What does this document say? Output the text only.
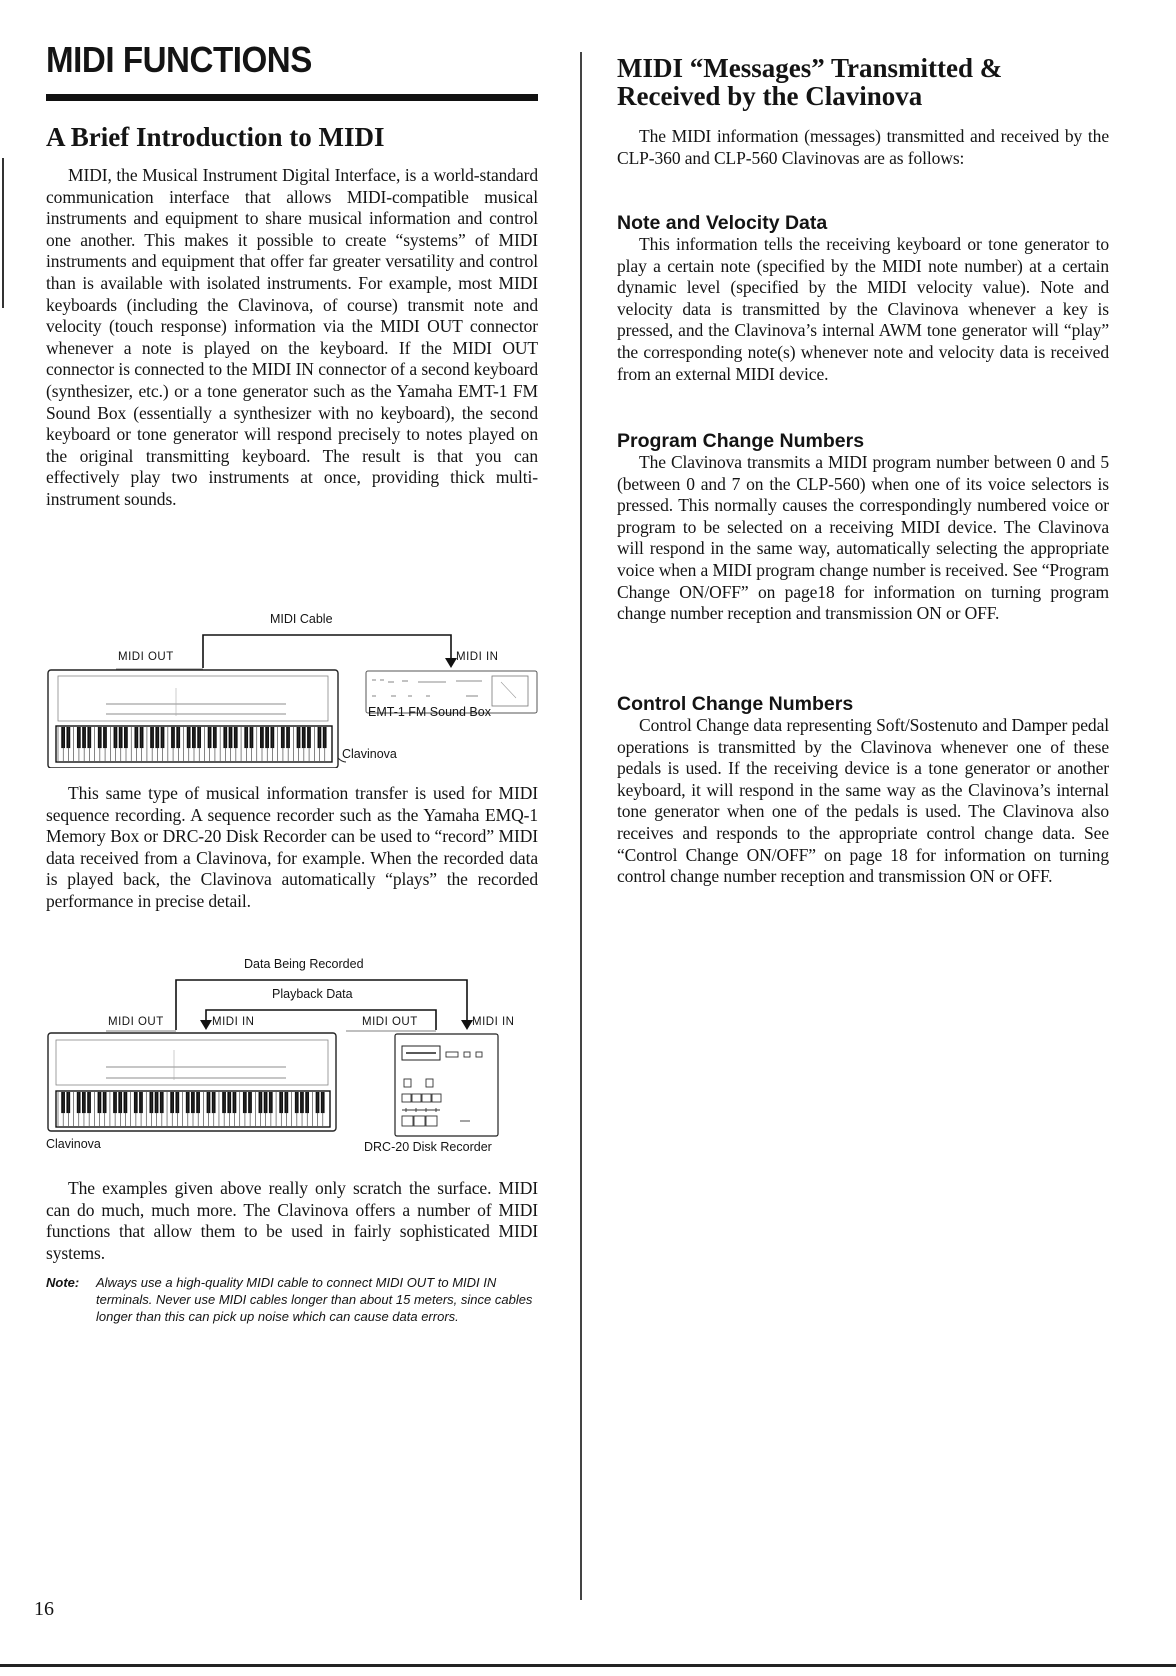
MIDI FUNCTIONS
A Brief Introduction to MIDI

MIDI, the Musical Instrument Digital Interface, is a world-standard communication interface that allows MIDI-compatible musical instruments and equipment to share musical information and control one another. This makes it possible to create “systems” of MIDI instruments and equipment that offer far greater versatility and control than is available with isolated instruments. For example, most MIDI keyboards (including the Clavinova, of course) transmit note and velocity (touch response) information via the MIDI OUT connector whenever a note is played on the keyboard. If the MIDI OUT connector is connected to the MIDI IN connector of a second keyboard (synthesizer, etc.) or a tone generator such as the Yamaha EMT-1 FM Sound Box (essentially a synthesizer with no keyboard), the second keyboard or tone generator will respond precisely to notes played on the original transmitting keyboard. The result is that you can effectively play two instruments at once, providing thick multi-instrument sounds.

MIDI Cable
MIDI OUT	MIDI IN
EMT-1 FM Sound Box
Clavinova

This same type of musical information transfer is used for MIDI sequence recording. A sequence recorder such as the Yamaha EMQ-1 Memory Box or DRC-20 Disk Recorder can be used to “record” MIDI data received from a Clavinova, for example. When the recorded data is played back, the Clavinova automatically “plays” the recorded performance in precise detail.

Data Being Recorded
Playback Data
MIDI OUT	MIDI IN	MIDI OUT	MIDI IN
Clavinova	DRC-20 Disk Recorder

The examples given above really only scratch the surface. MIDI can do much, much more. The Clavinova offers a number of MIDI functions that allow them to be used in fairly sophisticated MIDI systems.

Note: Always use a high-quality MIDI cable to connect MIDI OUT to MIDI IN terminals. Never use MIDI cables longer than about 15 meters, since cables longer than this can pick up noise which can cause data errors.
MIDI “Messages” Transmitted &
Received by the Clavinova

The MIDI information (messages) transmitted and received by the CLP-360 and CLP-560 Clavinovas are as follows:

Note and Velocity Data

This information tells the receiving keyboard or tone generator to play a certain note (specified by the MIDI note number) at a certain dynamic level (specified by the MIDI velocity value). Note and velocity data is transmitted by the Clavinova whenever a key is pressed, and the Clavinova’s internal AWM tone generator will “play” the corresponding note(s) whenever note and velocity data is received from an external MIDI device.

Program Change Numbers

The Clavinova transmits a MIDI program number between 0 and 5 (between 0 and 7 on the CLP-560) when one of its voice selectors is pressed. This normally causes the correspondingly numbered voice or program to be selected on a receiving MIDI device. The Clavinova will respond in the same way, automatically selecting the appropriate voice when a MIDI program change number is received. See “Program Change ON/OFF” on page18 for information on turning program change number reception and transmission ON or OFF.

Control Change Numbers

Control Change data representing Soft/Sostenuto and Damper pedal operations is transmitted by the Clavinova whenever one of these pedals is used. If the receiving device is a tone generator or another keyboard, it will respond in the same way as the Clavinova’s internal tone generator when one of the pedals is used. The Clavinova also receives and responds to the appropriate control change data. See “Control Change ON/OFF” on page 18 for information on turning control change number reception and transmission ON or OFF.

16
